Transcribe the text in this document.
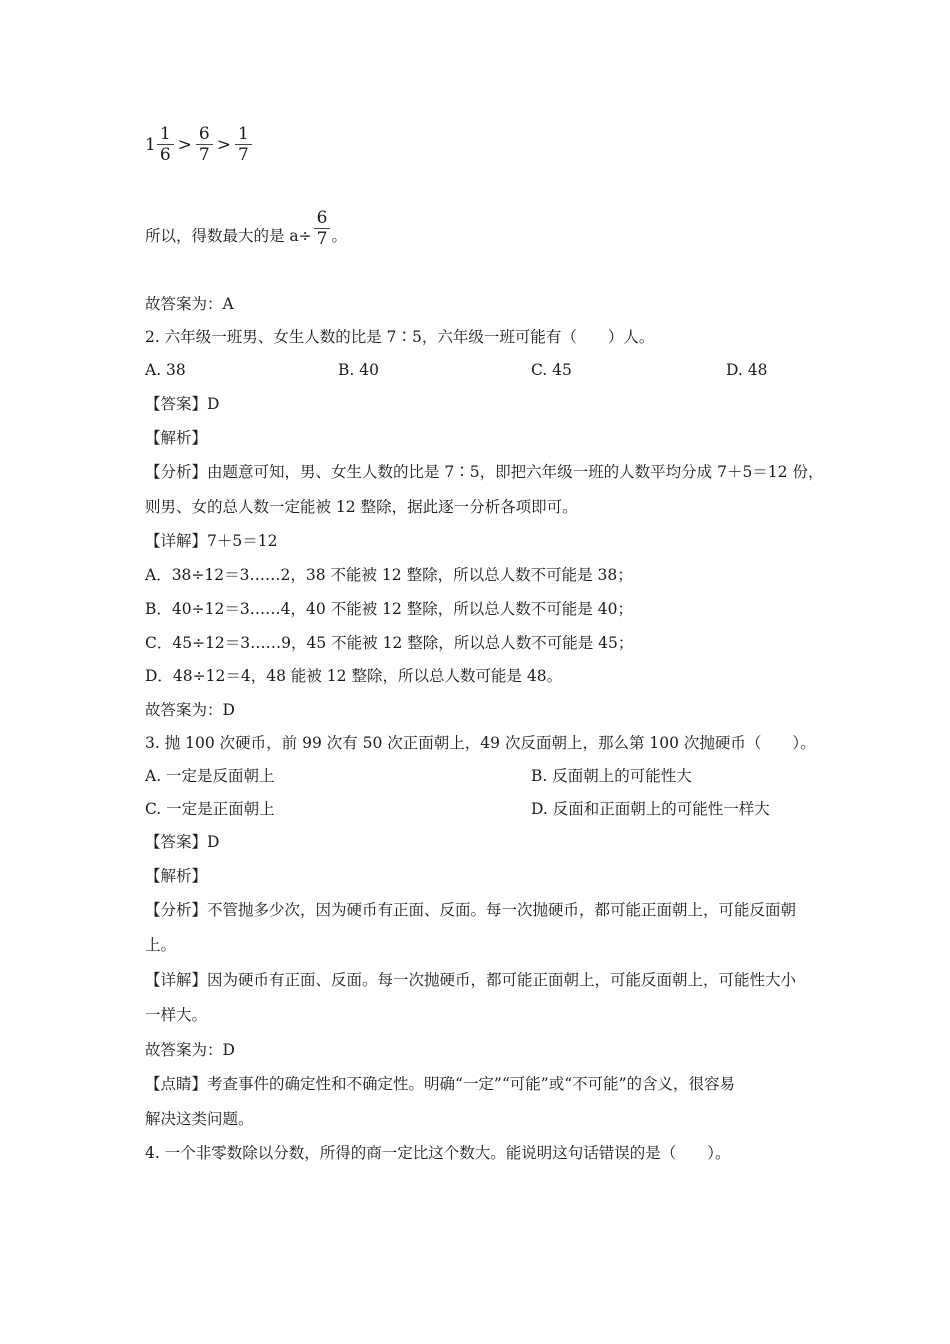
$1 \frac{1}{6} > \frac{6}{7} > \frac{1}{7}$
所以，得数最大的是 $a\div \frac{6}{7}$ 。
故答案为：A
2. 六年级一班男、女生人数的比是 7∶5，六年级一班可能有（　　）人。
A. 38	B. 40	C. 45	D. 48
【答案】D
【解析】
【分析】由题意可知，男、女生人数的比是 7∶5，即把六年级一班的人数平均分成 7＋5＝12 份，
则男、女的总人数一定能被 12 整除，据此逐一分析各项即可。
【详解】7＋5＝12
A．38÷12＝3……2，38 不能被 12 整除，所以总人数不可能是 38；
B．40÷12＝3……4，40 不能被 12 整除，所以总人数不可能是 40；
C．45÷12＝3……9，45 不能被 12 整除，所以总人数不可能是 45；
D．48÷12＝4，48 能被 12 整除，所以总人数可能是 48。
故答案为：D
3. 抛 100 次硬币，前 99 次有 50 次正面朝上，49 次反面朝上，那么第 100 次抛硬币（　　）。
A. 一定是反面朝上	B. 反面朝上的可能性大
C. 一定是正面朝上	D. 反面和正面朝上的可能性一样大
【答案】D
【解析】
【分析】不管抛多少次，因为硬币有正面、反面。每一次抛硬币，都可能正面朝上，可能反面朝
上。
【详解】因为硬币有正面、反面。每一次抛硬币，都可能正面朝上，可能反面朝上，可能性大小
一样大。
故答案为：D
【点睛】考查事件的确定性和不确定性。明确“一定”“可能”或“不可能”的含义，很容易
解决这类问题。
4. 一个非零数除以分数，所得的商一定比这个数大。能说明这句话错误的是（　　）。
